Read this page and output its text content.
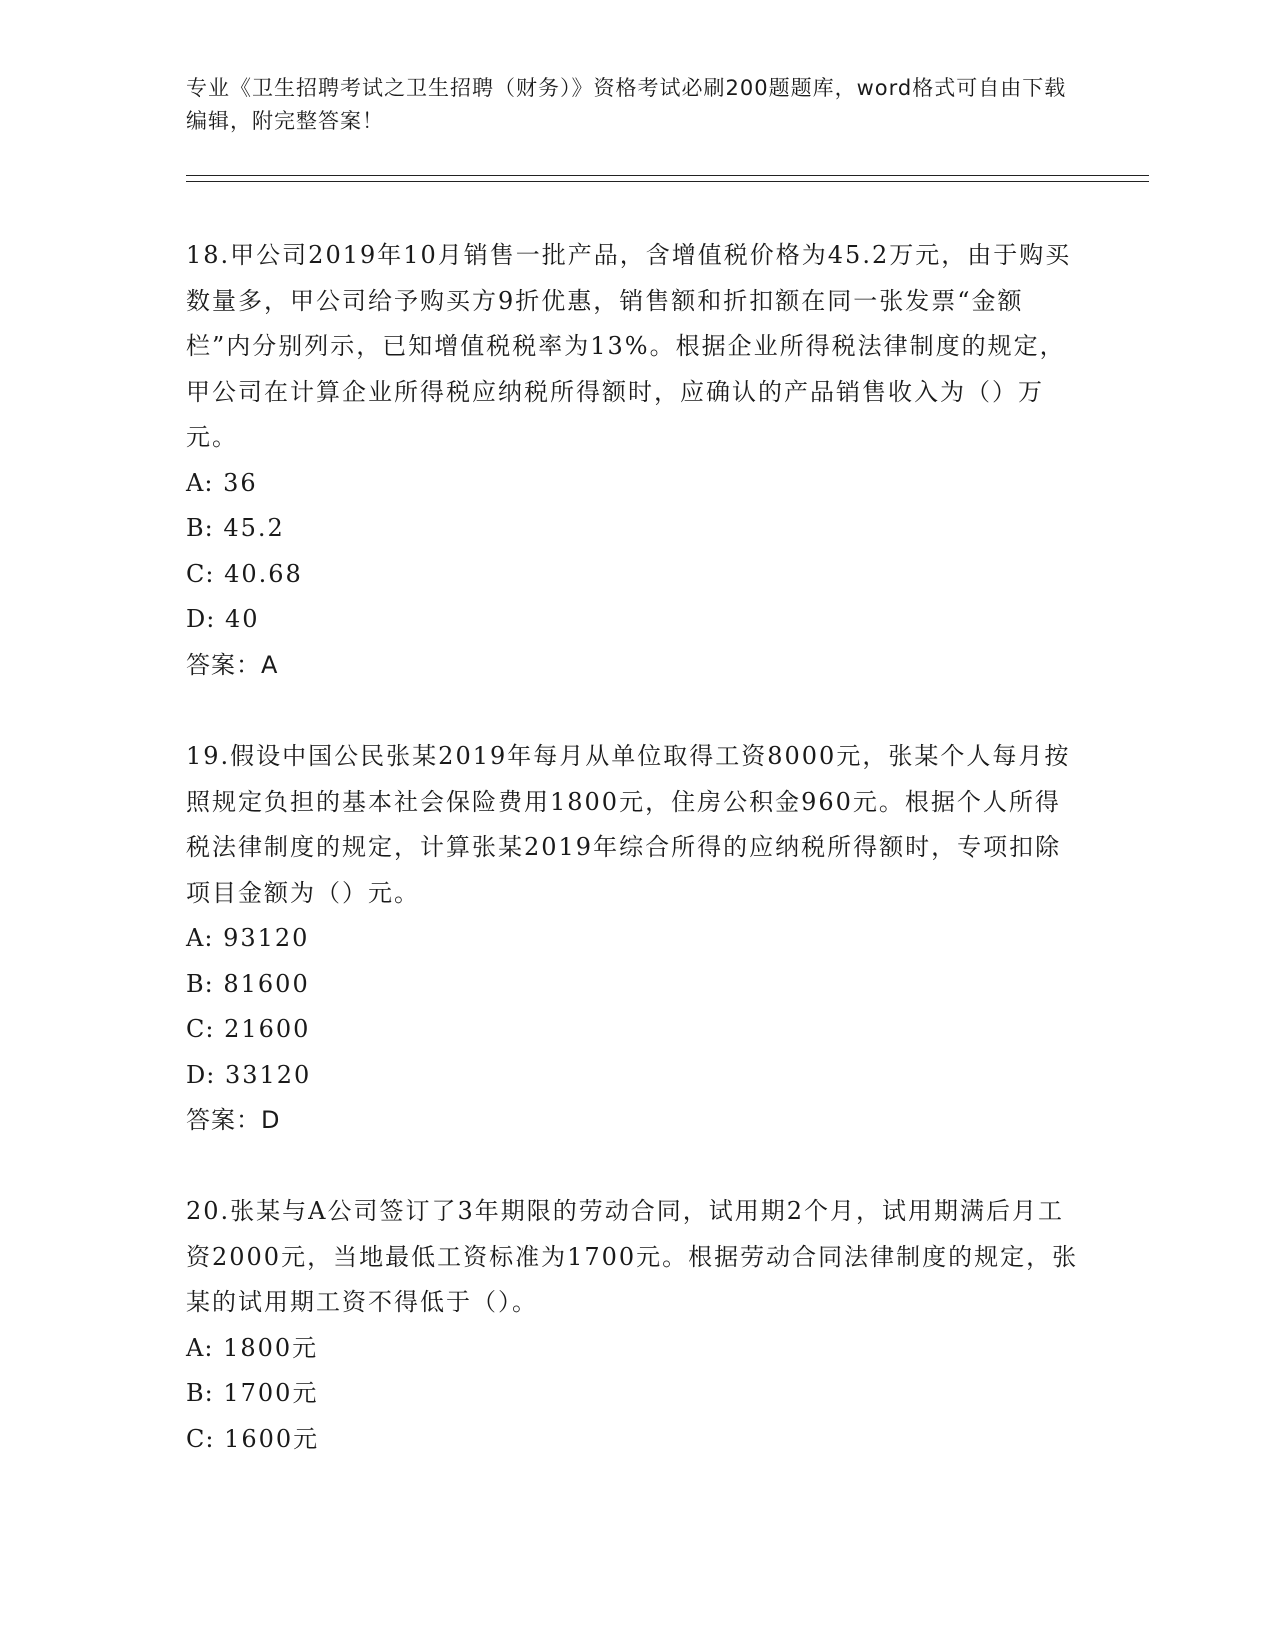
专业《卫生招聘考试之卫生招聘（财务）》资格考试必刷200题题库，word格式可自由下载编辑，附完整答案！

18.甲公司2019年10月销售一批产品，含增值税价格为45.2万元，由于购买数量多，甲公司给予购买方9折优惠，销售额和折扣额在同一张发票“金额栏”内分别列示，已知增值税税率为13%。根据企业所得税法律制度的规定，甲公司在计算企业所得税应纳税所得额时，应确认的产品销售收入为（）万元。

A: 36
B: 45.2
C: 40.68
D: 40
答案：A

19.假设中国公民张某2019年每月从单位取得工资8000元，张某个人每月按照规定负担的基本社会保险费用1800元，住房公积金960元。根据个人所得税法律制度的规定，计算张某2019年综合所得的应纳税所得额时，专项扣除项目金额为（）元。

A: 93120
B: 81600
C: 21600
D: 33120
答案：D

20.张某与A公司签订了3年期限的劳动合同，试用期2个月，试用期满后月工资2000元，当地最低工资标准为1700元。根据劳动合同法律制度的规定，张某的试用期工资不得低于（）。

A: 1800元
B: 1700元
C: 1600元
